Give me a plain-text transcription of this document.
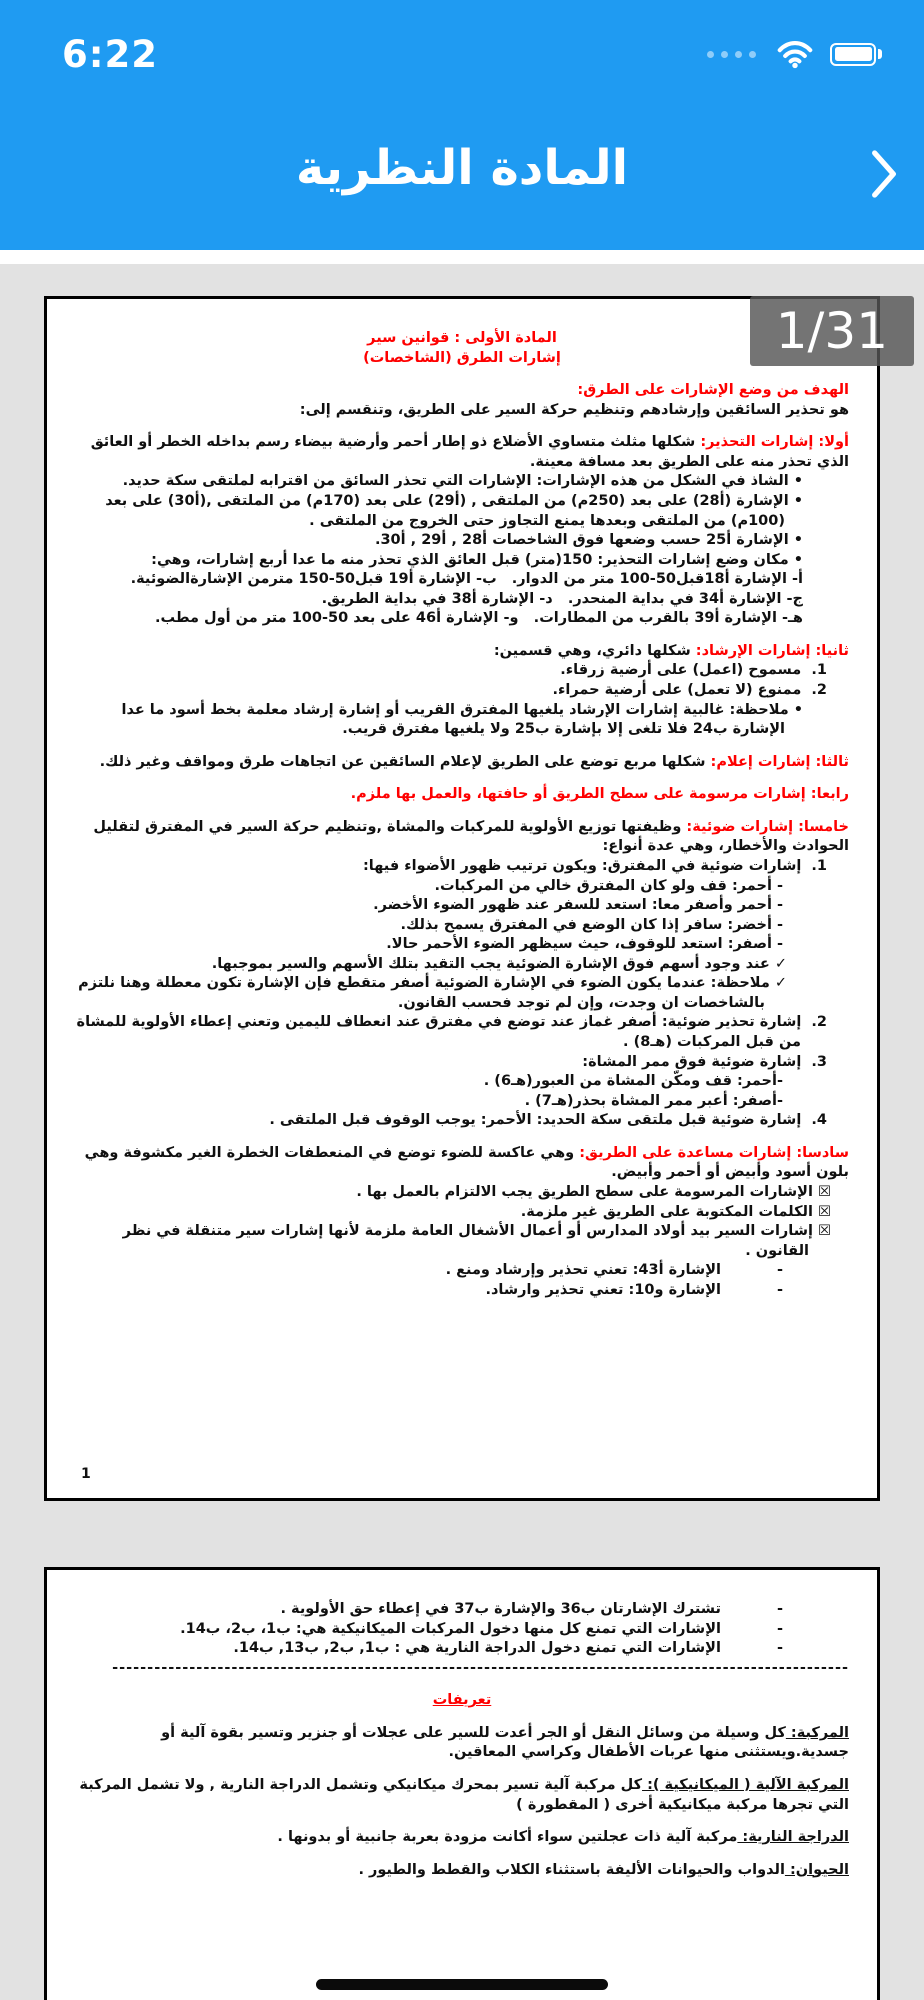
6:22
المادة النظرية
1/31
المادة الأولى : قوانين سير
إشارات الطرق (الشاخصات)
الهدف من وضع الإشارات على الطرق:
هو تحذير السائقين وإرشادهم وتنظيم حركة السير على الطريق، وتنقسم إلى:
أولا: إشارات التحذير: شكلها مثلث متساوي الأضلاع ذو إطار أحمر وأرضية بيضاء رسم بداخله الخطر أو العائق الذي تحذر منه على الطريق بعد مسافة معينة.
• الشاذ في الشكل من هذه الإشارات: الإشارات التي تحذر السائق من اقترابه لملتقى سكة حديد.
• الإشارة (أ28) على بعد (250م) من الملتقى , (أ29) على بعد (170م) من الملتقى ,(أ30) على بعد (100م) من الملتقى وبعدها يمنع التجاوز حتى الخروج من الملتقى .
• الإشارة أ25 حسب وضعها فوق الشاخصات أ28 , أ29 , أ30.
• مكان وضع إشارات التحذير: 150(متر) قبل العائق الذي تحذر منه ما عدا أربع إشارات، وهي:
أ- الإشارة أ18قبل50-100 متر من الدوار.   ب- الإشارة أ19 قبل50-150 مترمن الإشارةالضوئية.
ج- الإشارة أ34 في بداية المنحدر.   د- الإشارة أ38 في بداية الطريق.
هـ- الإشارة أ39 بالقرب من المطارات.   و- الإشارة أ46 على بعد 50-100 متر من أول مطب.
ثانيا: إشارات الإرشاد: شكلها دائري، وهي قسمين:
1.  مسموح (اعمل) على أرضية زرقاء.
2.  ممنوع (لا تعمل) على أرضية حمراء.
• ملاحظة: غالبية إشارات الإرشاد يلغيها المفترق القريب أو إشارة إرشاد معلمة بخط أسود ما عدا الإشارة ب24 فلا تلغى إلا بإشارة ب25 ولا يلغيها مفترق قريب.
ثالثا: إشارات إعلام: شكلها مربع توضع على الطريق لإعلام السائقين عن اتجاهات طرق ومواقف وغير ذلك.
رابعا: إشارات مرسومة على سطح الطريق أو حافتها، والعمل بها ملزم.
خامسا: إشارات ضوئية: وظيفتها توزيع الأولوية للمركبات والمشاة ,وتنظيم حركة السير في المفترق لتقليل الحوادث والأخطار، وهي عدة أنواع:
1.  إشارات ضوئية في المفترق: ويكون ترتيب ظهور الأضواء فيها:
- أحمر: قف ولو كان المفترق خالي من المركبات.
- أحمر وأصفر معا: استعد للسفر عند ظهور الضوء الأخضر.
- أخضر: سافر إذا كان الوضع في المفترق يسمح بذلك.
- أصفر: استعد للوقوف، حيث سيظهر الضوء الأحمر حالا.
✓ عند وجود أسهم فوق الإشارة الضوئية يجب التقيد بتلك الأسهم والسير بموجبها.
✓ ملاحظة: عندما يكون الضوء في الإشارة الضوئية أصفر متقطع فإن الإشارة تكون معطلة وهنا نلتزم بالشاخصات ان وجدت، وإن لم توجد فحسب القانون.
2.  إشارة تحذير ضوئية: أصفر غماز عند توضع في مفترق عند انعطاف لليمين وتعني إعطاء الأولوية للمشاة من قبل المركبات (هـ8) .
3.  إشارة ضوئية فوق ممر المشاة:
-أحمر: قف ومكّن المشاة من العبور(هـ6) .
-أصفر: أعبر ممر المشاة بحذر(هـ7) .
4.  إشارة ضوئية قبل ملتقى سكة الحديد: الأحمر: يوجب الوقوف قبل الملتقى .
سادسا: إشارات مساعدة على الطريق: وهي عاكسة للضوء توضع في المنعطفات الخطرة الغير مكشوفة وهي بلون أسود وأبيض أو أحمر وأبيض.
☒ الإشارات المرسومة على سطح الطريق يجب الالتزام بالعمل بها .
☒ الكلمات المكتوبة على الطريق غير ملزمة.
☒ إشارات السير بيد أولاد المدارس أو أعمال الأشغال العامة ملزمة لأنها إشارات سير متنقلة في نظر القانون .
-الإشارة أ43: تعني تحذير وإرشاد ومنع .
-الإشارة و10: تعني تحذير وارشاد.
1
-تشترك الإشارتان ب36 والإشارة ب37 في إعطاء حق الأولوية .
-الإشارات التي تمنع كل منها دخول المركبات الميكانيكية هي: ب1، ب2، ب14.
-الإشارات التي تمنع دخول الدراجة النارية هي : ب1, ب2, ب13, ب14.
---------------------------------------------------------------------------------------------------------
تعريفات
المركبة: كل وسيلة من وسائل النقل أو الجر أعدت للسير على عجلات أو جنزير وتسير بقوة آلية أو جسدية.ويستثنى منها عربات الأطفال وكراسي المعاقين.
المركبة الآلية ( الميكانيكية ): كل مركبة آلية تسير بمحرك ميكانيكي وتشمل الدراجة النارية , ولا تشمل المركبة التي تجرها مركبة ميكانيكية أخرى ( المقطورة )
الدراجة النارية: مركبة آلية ذات عجلتين سواء أكانت مزودة بعربة جانبية أو بدونها .
الحيوان: الدواب والحيوانات الأليفة باستثناء الكلاب والقطط والطيور .
